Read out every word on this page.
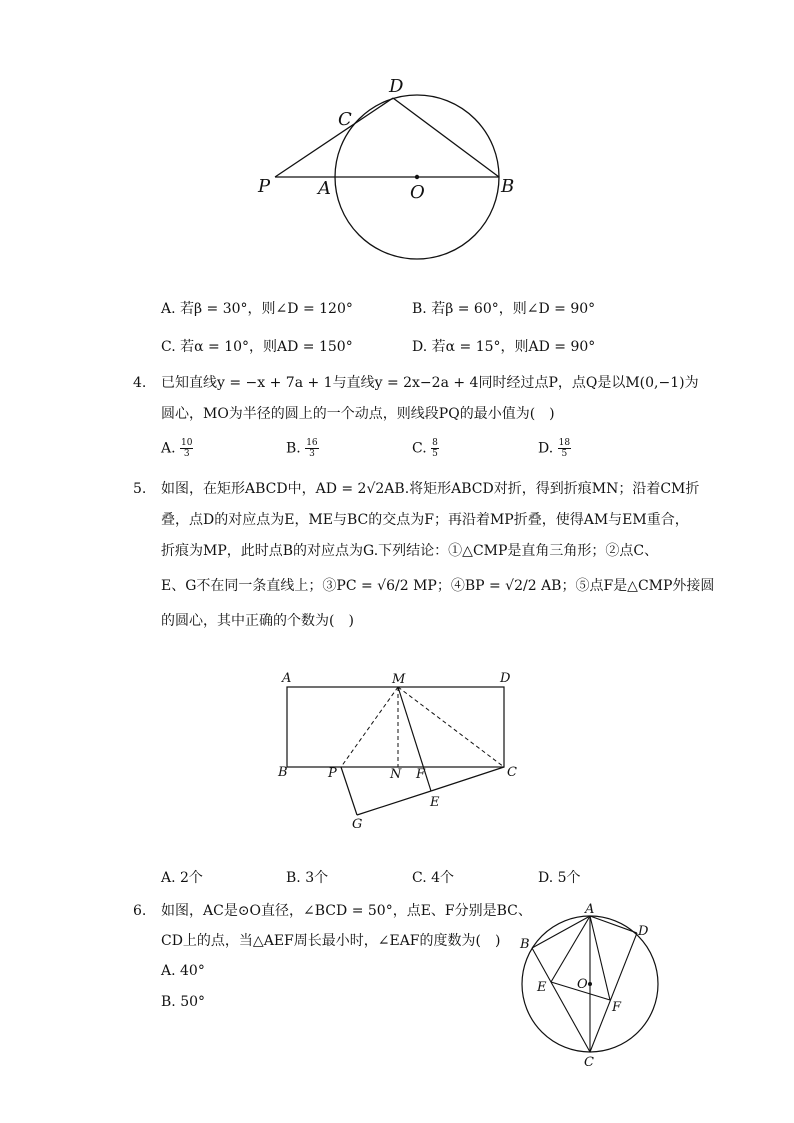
D
C
P	A	O	B
A. 若β = 30°，则∠D = 120°	B. 若β = 60°，则∠D = 90°
C. 若α = 10°，则AD = 150°	D. 若α = 15°，则AD = 90°
4. 已知直线y = −x + 7a + 1与直线y = 2x−2a + 4同时经过点P，点Q是以M(0,−1)为
圆心，MO为半径的圆上的一个动点，则线段PQ的最小值为(　)
A. $\frac{10}{3}$	B. $\frac{16}{3}$	C. $\frac{8}{5}$	D. $\frac{18}{5}$
5. 如图，在矩形ABCD中，AD = 2√2AB.将矩形ABCD对折，得到折痕MN；沿着CM折
叠，点D的对应点为E，ME与BC的交点为F；再沿着MP折叠，使得AM与EM重合，
折痕为MP，此时点B的对应点为G.下列结论：①△CMP是直角三角形；②点C、
E、G不在同一条直线上；③PC = √6/2 MP；④BP = √2/2 AB；⑤点F是△CMP外接圆
的圆心，其中正确的个数为(　)
A	M	D
B	P	N F	C
E
G
A. 2个	B. 3个	C. 4个	D. 5个
6. 如图，AC是⊙O直径，∠BCD = 50°，点E、F分别是BC、
CD上的点，当△AEF周长最小时，∠EAF的度数为(　)
A. 40°
B. 50°
A
B
D
E O
F
C
